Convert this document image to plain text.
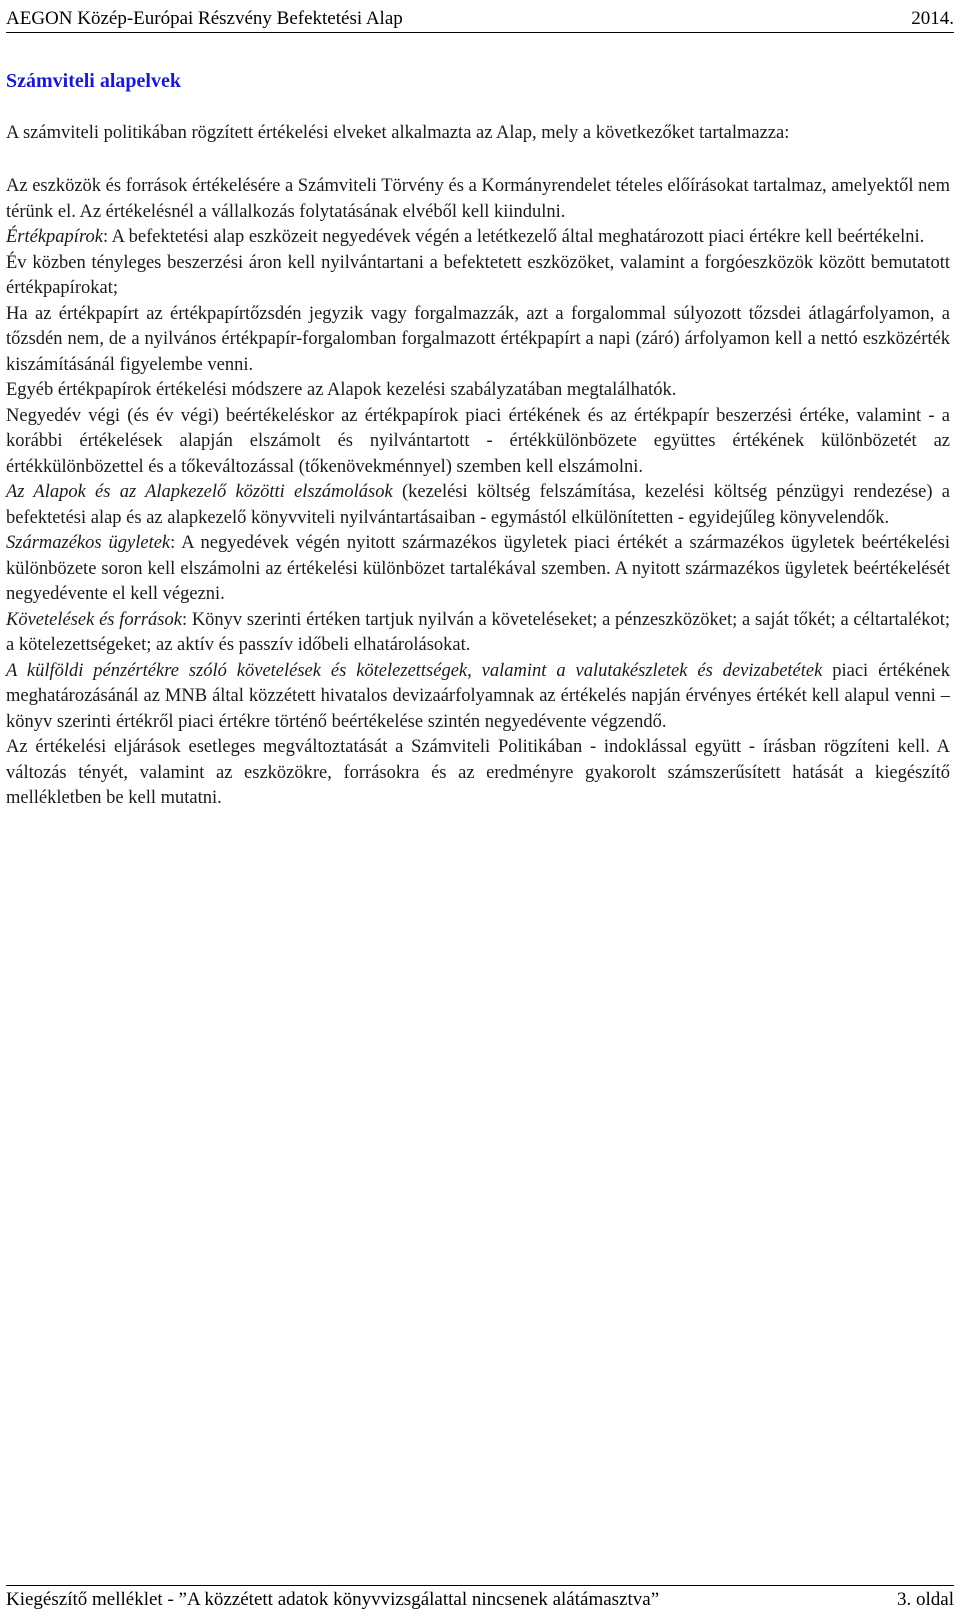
AEGON Közép-Európai Részvény Befektetési Alap	2014.
Számviteli alapelvek

A számviteli politikában rögzített értékelési elveket alkalmazta az Alap, mely a következőket tartalmazza:

Az eszközök és források értékelésére a Számviteli Törvény és a Kormányrendelet tételes előírásokat tartalmaz, amelyektől nem térünk el. Az értékelésnél a vállalkozás folytatásának elvéből kell kiindulni.

Értékpapírok: A befektetési alap eszközeit negyedévek végén a letétkezelő által meghatározott piaci értékre kell beértékelni.

Év közben tényleges beszerzési áron kell nyilvántartani a befektetett eszközöket, valamint a forgóeszközök között bemutatott értékpapírokat;

Ha az értékpapírt az értékpapírtőzsdén jegyzik vagy forgalmazzák, azt a forgalommal súlyozott tőzsdei átlagárfolyamon, a tőzsdén nem, de a nyilvános értékpapír-forgalomban forgalmazott értékpapírt a napi (záró) árfolyamon kell a nettó eszközérték kiszámításánál figyelembe venni.

Egyéb értékpapírok értékelési módszere az Alapok kezelési szabályzatában megtalálhatók.

Negyedév végi (és év végi) beértékeléskor az értékpapírok piaci értékének és az értékpapír beszerzési értéke, valamint - a korábbi értékelések alapján elszámolt és nyilvántartott - értékkülönbözete együttes értékének különbözetét az értékkülönbözettel és a tőkeváltozással (tőkenövekménnyel) szemben kell elszámolni.

Az Alapok és az Alapkezelő közötti elszámolások (kezelési költség felszámítása, kezelési költség pénzügyi rendezése) a befektetési alap és az alapkezelő könyvviteli nyilvántartásaiban - egymástól elkülönítetten - egyidejűleg könyvelendők.

Származékos ügyletek: A negyedévek végén nyitott származékos ügyletek piaci értékét a származékos ügyletek beértékelési különbözete soron kell elszámolni az értékelési különbözet tartalékával szemben. A nyitott származékos ügyletek beértékelését negyedévente el kell végezni.

Követelések és források: Könyv szerinti értéken tartjuk nyilván a követeléseket; a pénzeszközöket; a saját tőkét; a céltartalékot; a kötelezettségeket; az aktív és passzív időbeli elhatárolásokat.

A külföldi pénzértékre szóló követelések és kötelezettségek, valamint a valutakészletek és devizabetétek piaci értékének meghatározásánál az MNB által közzétett hivatalos devizaárfolyamnak az értékelés napján érvényes értékét kell alapul venni – könyv szerinti értékről piaci értékre történő beértékelése szintén negyedévente végzendő.

Az értékelési eljárások esetleges megváltoztatását a Számviteli Politikában - indoklással együtt - írásban rögzíteni kell. A változás tényét, valamint az eszközökre, forrásokra és az eredményre gyakorolt számszerűsített hatását a kiegészítő mellékletben be kell mutatni.

Kiegészítő melléklet - ”A közzétett adatok könyvvizsgálattal nincsenek alátámasztva”	3. oldal
